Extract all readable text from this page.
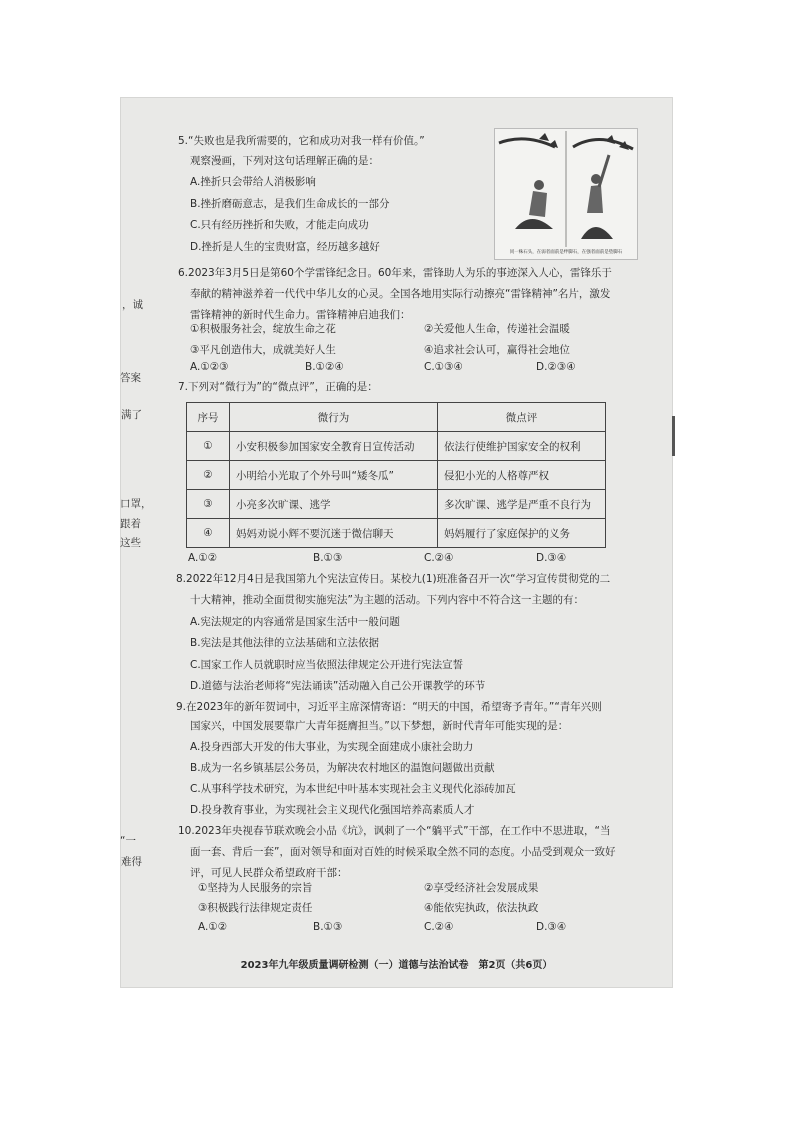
，诚
答案
满了
口罩，
跟着
这些
“一
难得
5.“失败也是我所需要的，它和成功对我一样有价值。”
观察漫画，下列对这句话理解正确的是：
A.挫折只会带给人消极影响
B.挫折磨砺意志，是我们生命成长的一部分
C.只有经历挫折和失败，才能走向成功
D.挫折是人生的宝贵财富，经历越多越好	同一株石头，在弱者面前是绊脚石，在强者面前是垫脚石
6.2023年3月5日是第60个学雷锋纪念日。60年来，雷锋助人为乐的事迹深入人心，雷锋乐于
奉献的精神滋养着一代代中华儿女的心灵。全国各地用实际行动擦亮“雷锋精神”名片，激发
雷锋精神的新时代生命力。雷锋精神启迪我们：
①积极服务社会，绽放生命之花	②关爱他人生命，传递社会温暖
③平凡创造伟大，成就美好人生	④追求社会认可，赢得社会地位
A.①②③	B.①②④	C.①③④	D.②③④
7.下列对“微行为”的“微点评”，正确的是：
序号	微行为	微点评
①	小安积极参加国家安全教育日宣传活动	依法行使维护国家安全的权利
②	小明给小光取了个外号叫“矮冬瓜”	侵犯小光的人格尊严权
③	小亮多次旷课、逃学	多次旷课、逃学是严重不良行为
④	妈妈劝说小辉不要沉迷于微信聊天	妈妈履行了家庭保护的义务
A.①②	B.①③	C.②④	D.③④
8.2022年12月4日是我国第九个宪法宣传日。某校九(1)班准备召开一次“学习宣传贯彻党的二
十大精神，推动全面贯彻实施宪法”为主题的活动。下列内容中不符合这一主题的有：
A.宪法规定的内容通常是国家生活中一般问题
B.宪法是其他法律的立法基础和立法依据
C.国家工作人员就职时应当依照法律规定公开进行宪法宣誓
D.道德与法治老师将“宪法诵读”活动融入自己公开课教学的环节
9.在2023年的新年贺词中，习近平主席深情寄语：“明天的中国，希望寄予青年。”“青年兴则
国家兴，中国发展要靠广大青年挺膺担当。”以下梦想，新时代青年可能实现的是：
A.投身西部大开发的伟大事业，为实现全面建成小康社会助力
B.成为一名乡镇基层公务员，为解决农村地区的温饱问题做出贡献
C.从事科学技术研究，为本世纪中叶基本实现社会主义现代化添砖加瓦
D.投身教育事业，为实现社会主义现代化强国培养高素质人才
10.2023年央视春节联欢晚会小品《坑》，讽刺了一个“躺平式”干部，在工作中不思进取，“当
面一套、背后一套”，面对领导和面对百姓的时候采取全然不同的态度。小品受到观众一致好
评，可见人民群众希望政府干部：
①坚持为人民服务的宗旨	②享受经济社会发展成果
③积极践行法律规定责任	④能依宪执政，依法执政
A.①②	B.①③	C.②④	D.③④
2023年九年级质量调研检测（一）道德与法治试卷　第2页（共6页）
